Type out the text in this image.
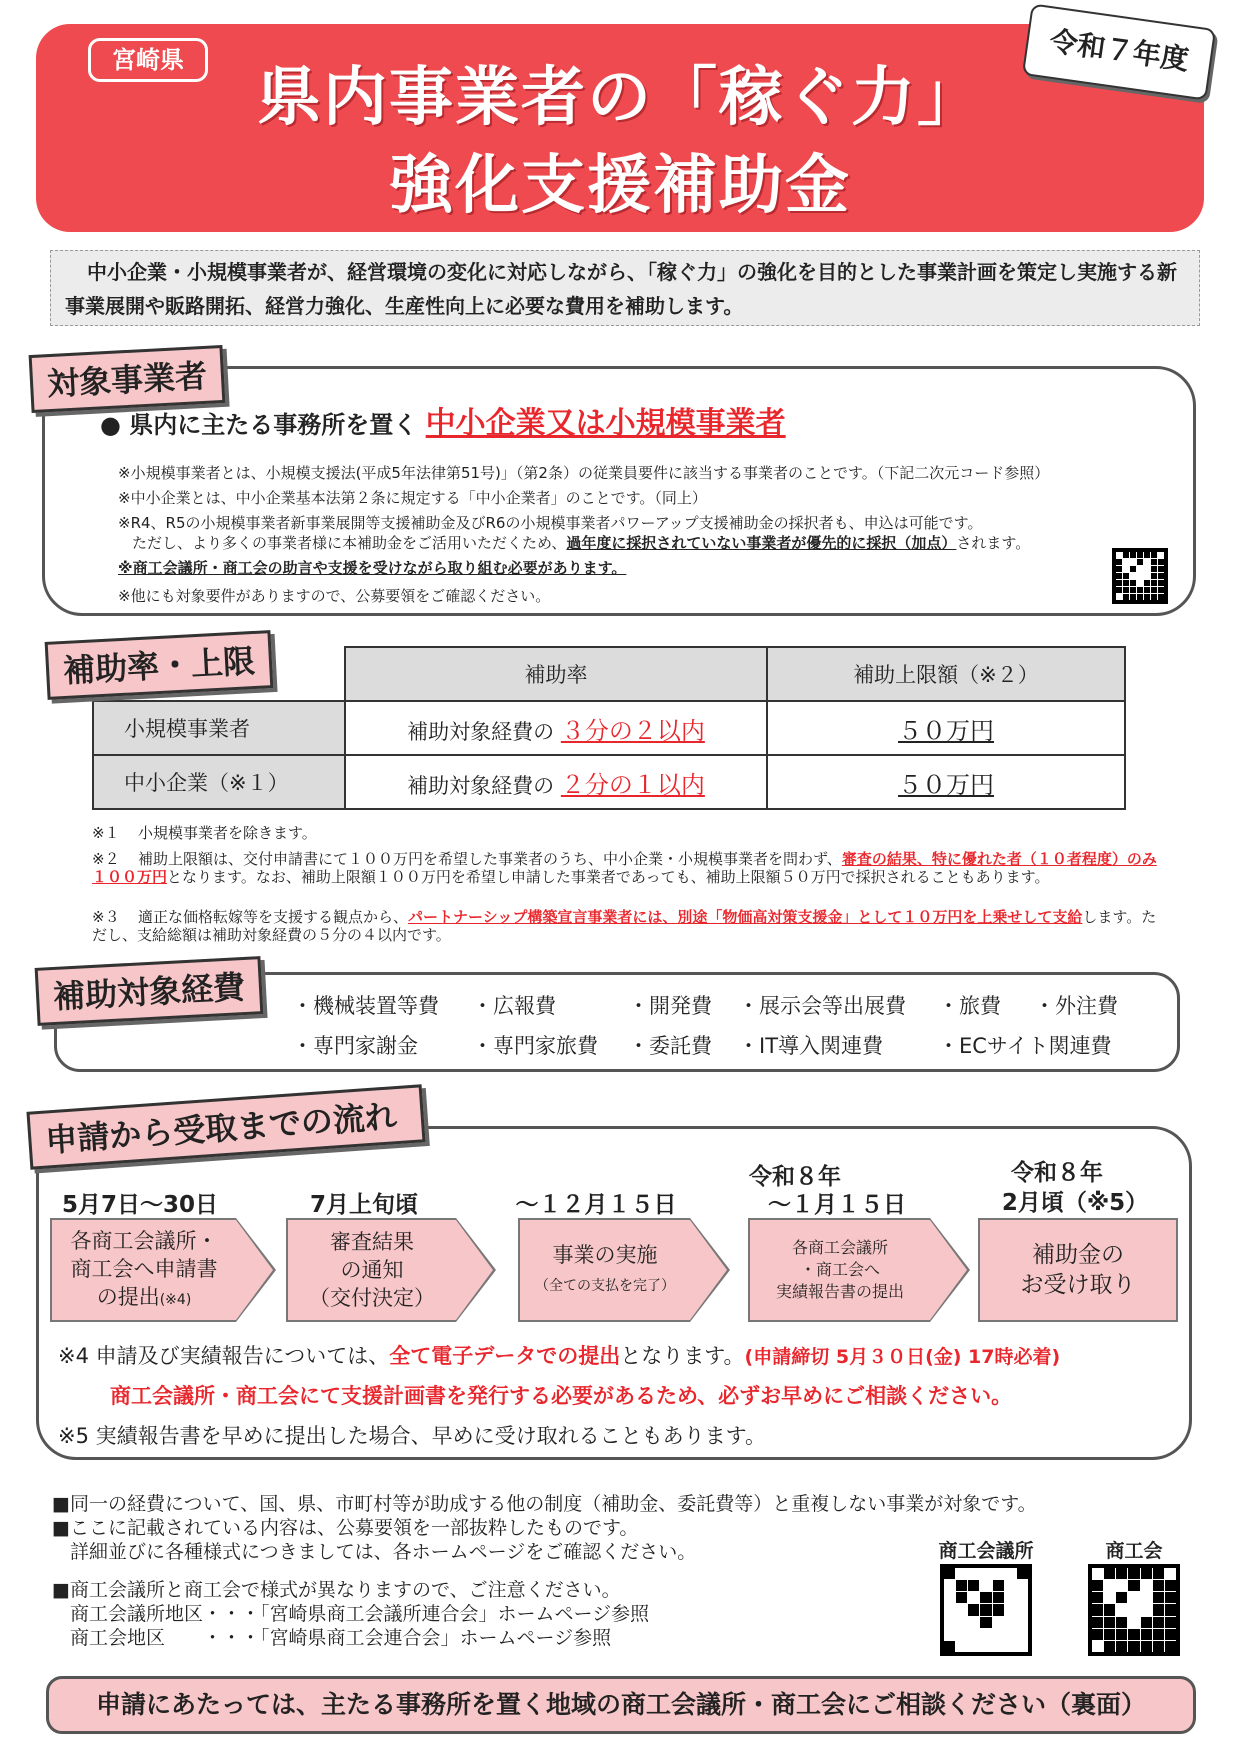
宮崎県
県内事業者の「稼ぐ力」
強化支援補助金
令和７年度
中小企業・小規模事業者が、経営環境の変化に対応しながら、「稼ぐ力」の強化を目的とした事業計画を策定し実施する新事業展開や販路開拓、経営力強化、生産性向上に必要な費用を補助します。
対象事業者
● 県内に主たる事務所を置く 中小企業又は小規模事業者
※小規模事業者とは、小規模支援法(平成5年法律第51号)」（第2条）の従業員要件に該当する事業者のことです。（下記二次元コード参照）
※中小企業とは、中小企業基本法第２条に規定する「中小企業者」のことです。（同上）
※R4、R5の小規模事業者新事業展開等支援補助金及びR6の小規模事業者パワーアップ支援補助金の採択者も、申込は可能です。
ただし、より多くの事業者様に本補助金をご活用いただくため、過年度に採択されていない事業者が優先的に採択（加点）されます。
※商工会議所・商工会の助言や支援を受けながら取り組む必要があります。
※他にも対象要件がありますので、公募要領をご確認ください。
	補助率	補助上限額（※２）
小規模事業者	補助対象経費の ３分の２以内	５０万円
中小企業（※１）	補助対象経費の ２分の１以内	５０万円
補助率・上限
※１ 小規模事業者を除きます。
※２ 補助上限額は、交付申請書にて１００万円を希望した事業者のうち、中小企業・小規模事業者を問わず、審査の結果、特に優れた者（１０者程度）のみ１００万円となります。なお、補助上限額１００万円を希望し申請した事業者であっても、補助上限額５０万円で採択されることもあります。
※３ 適正な価格転嫁等を支援する観点から、パートナーシップ構築宣言事業者には、別途「物価高対策支援金」として１０万円を上乗せして支給します。ただし、支給総額は補助対象経費の５分の４以内です。
補助対象経費	・機械装置等費 ・広報費	・開発費 ・展示会等出展費 ・旅費 ・外注費
・専門家謝金	・専門家旅費 ・委託費 ・IT導入関連費	・ECサイト関連費
申請から受取までの流れ
5月7日～30日	7月上旬頃	～１２月１５日
令和８年
～１月１５日
令和８年
2月頃（※5）
各商工会議所・
商工会へ申請書
の提出(※4)
審査結果
の通知
（交付決定）
事業の実施
（全ての支払を完了）
各商工会議所
・商工会へ
実績報告書の提出
補助金の
お受け取り
※4 申請及び実績報告については、全て電子データでの提出となります。(申請締切 5月３０日(金) 17時必着)
商工会議所・商工会にて支援計画書を発行する必要があるため、必ずお早めにご相談ください。
※5 実績報告書を早めに提出した場合、早めに受け取れることもあります。
■同一の経費について、国、県、市町村等が助成する他の制度（補助金、委託費等）と重複しない事業が対象です。
■ここに記載されている内容は、公募要領を一部抜粋したものです。
詳細並びに各種様式につきましては、各ホームページをご確認ください。
■商工会議所と商工会で様式が異なりますので、ご注意ください。
商工会議所地区・・・「宮崎県商工会議所連合会」ホームページ参照
商工会地区　　・・・「宮崎県商工会連合会」ホームページ参照
商工会議所	商工会
申請にあたっては、主たる事務所を置く地域の商工会議所・商工会にご相談ください（裏面）
